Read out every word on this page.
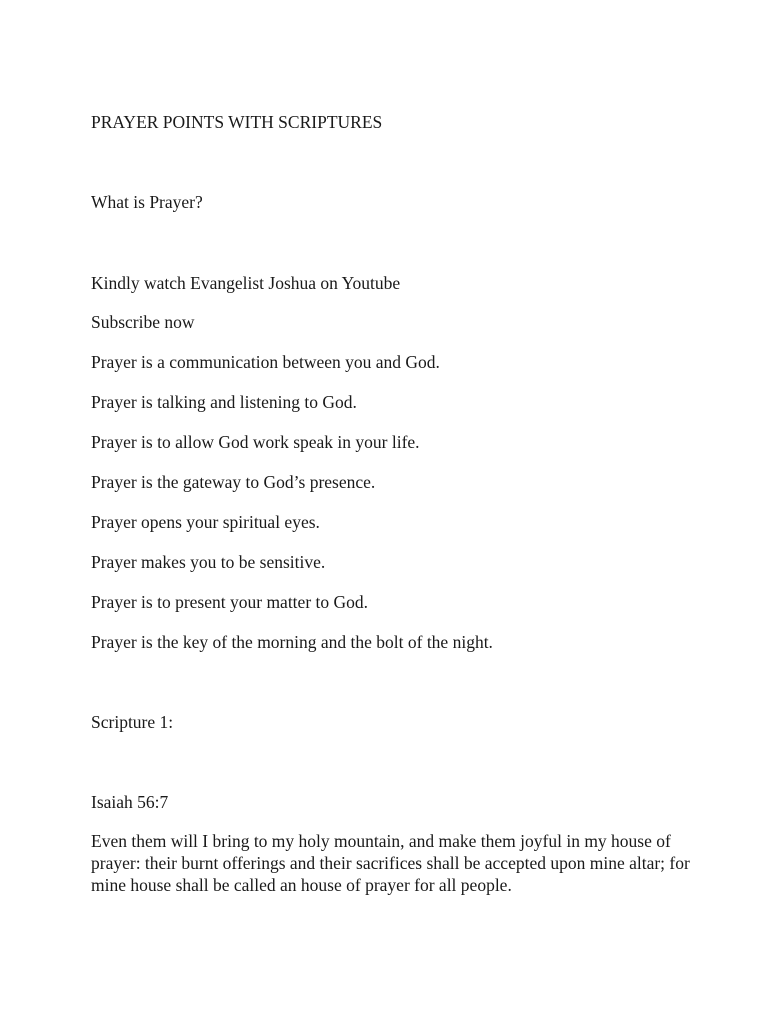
PRAYER POINTS WITH SCRIPTURES

What is Prayer?

Kindly watch Evangelist Joshua on Youtube

Subscribe now

Prayer is a communication between you and God.

Prayer is talking and listening to God.

Prayer is to allow God work speak in your life.

Prayer is the gateway to God’s presence.

Prayer opens your spiritual eyes.

Prayer makes you to be sensitive.

Prayer is to present your matter to God.

Prayer is the key of the morning and the bolt of the night.

Scripture 1:

Isaiah 56:7

Even them will I bring to my holy mountain, and make them joyful in my house of prayer: their burnt offerings and their sacrifices shall be accepted upon mine altar; for mine house shall be called an house of prayer for all people.
